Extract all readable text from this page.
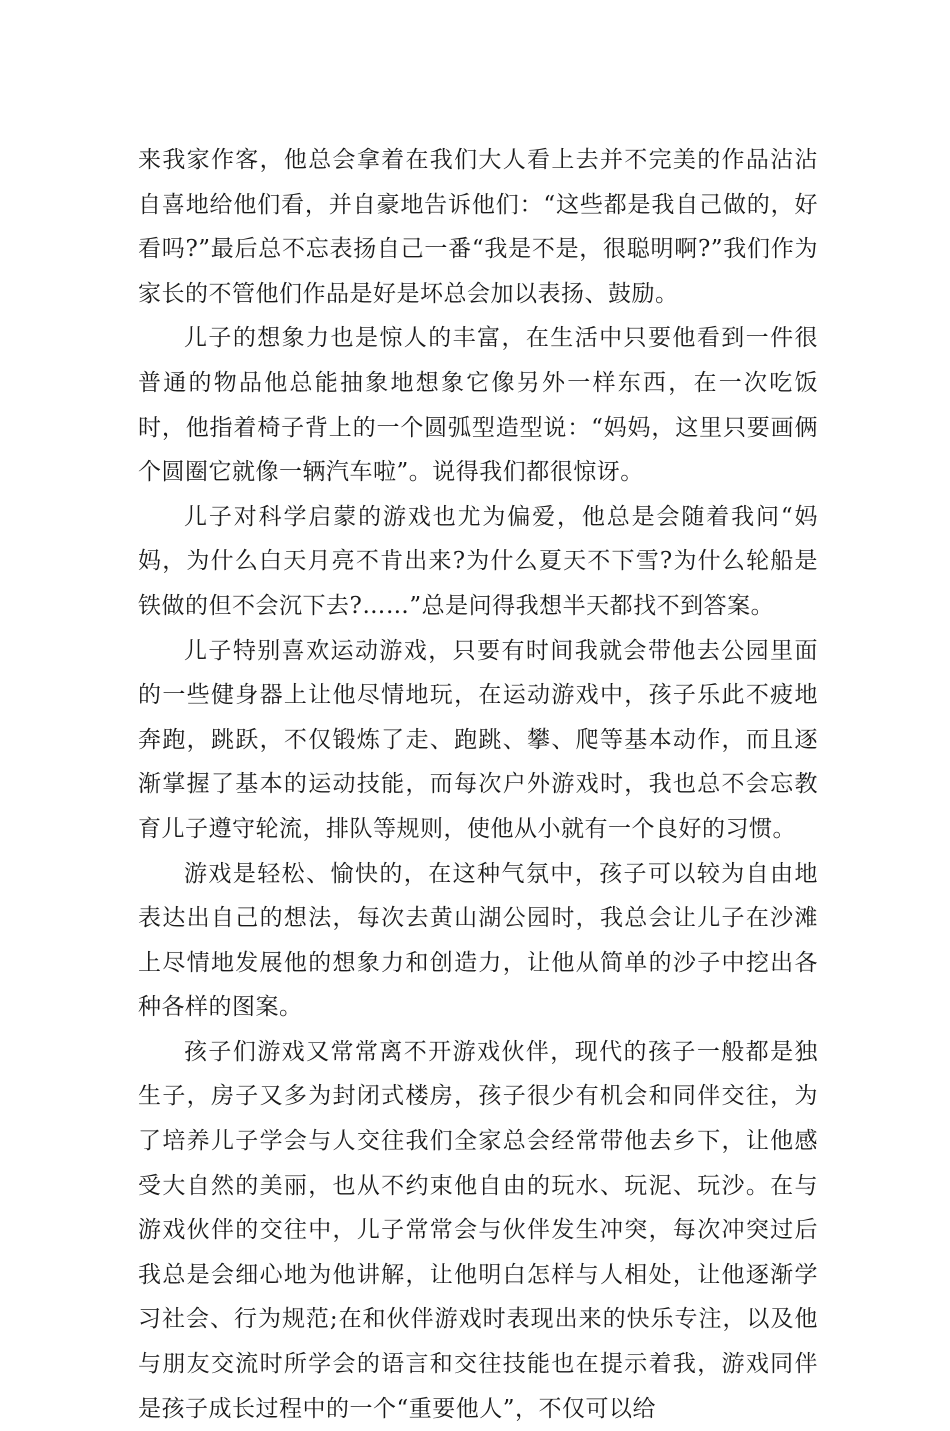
来我家作客，他总会拿着在我们大人看上去并不完美的作品沾沾自喜地给他们看，并自豪地告诉他们：“这些都是我自己做的，好看吗?”最后总不忘表扬自己一番“我是不是，很聪明啊?”我们作为家长的不管他们作品是好是坏总会加以表扬、鼓励。

儿子的想象力也是惊人的丰富，在生活中只要他看到一件很普通的物品他总能抽象地想象它像另外一样东西，在一次吃饭时，他指着椅子背上的一个圆弧型造型说：“妈妈，这里只要画俩个圆圈它就像一辆汽车啦”。说得我们都很惊讶。

儿子对科学启蒙的游戏也尤为偏爱，他总是会随着我问“妈妈，为什么白天月亮不肯出来?为什么夏天不下雪?为什么轮船是铁做的但不会沉下去?……”总是问得我想半天都找不到答案。

儿子特别喜欢运动游戏，只要有时间我就会带他去公园里面的一些健身器上让他尽情地玩，在运动游戏中，孩子乐此不疲地奔跑，跳跃，不仅锻炼了走、跑跳、攀、爬等基本动作，而且逐渐掌握了基本的运动技能，而每次户外游戏时，我也总不会忘教育儿子遵守轮流，排队等规则，使他从小就有一个良好的习惯。

游戏是轻松、愉快的，在这种气氛中，孩子可以较为自由地表达出自己的想法，每次去黄山湖公园时，我总会让儿子在沙滩上尽情地发展他的想象力和创造力，让他从简单的沙子中挖出各种各样的图案。

孩子们游戏又常常离不开游戏伙伴，现代的孩子一般都是独生子，房子又多为封闭式楼房，孩子很少有机会和同伴交往，为了培养儿子学会与人交往我们全家总会经常带他去乡下，让他感受大自然的美丽，也从不约束他自由的玩水、玩泥、玩沙。在与游戏伙伴的交往中，儿子常常会与伙伴发生冲突，每次冲突过后我总是会细心地为他讲解，让他明白怎样与人相处，让他逐渐学习社会、行为规范;在和伙伴游戏时表现出来的快乐专注，以及他与朋友交流时所学会的语言和交往技能也在提示着我，游戏同伴是孩子成长过程中的一个“重要他人”，不仅可以给
